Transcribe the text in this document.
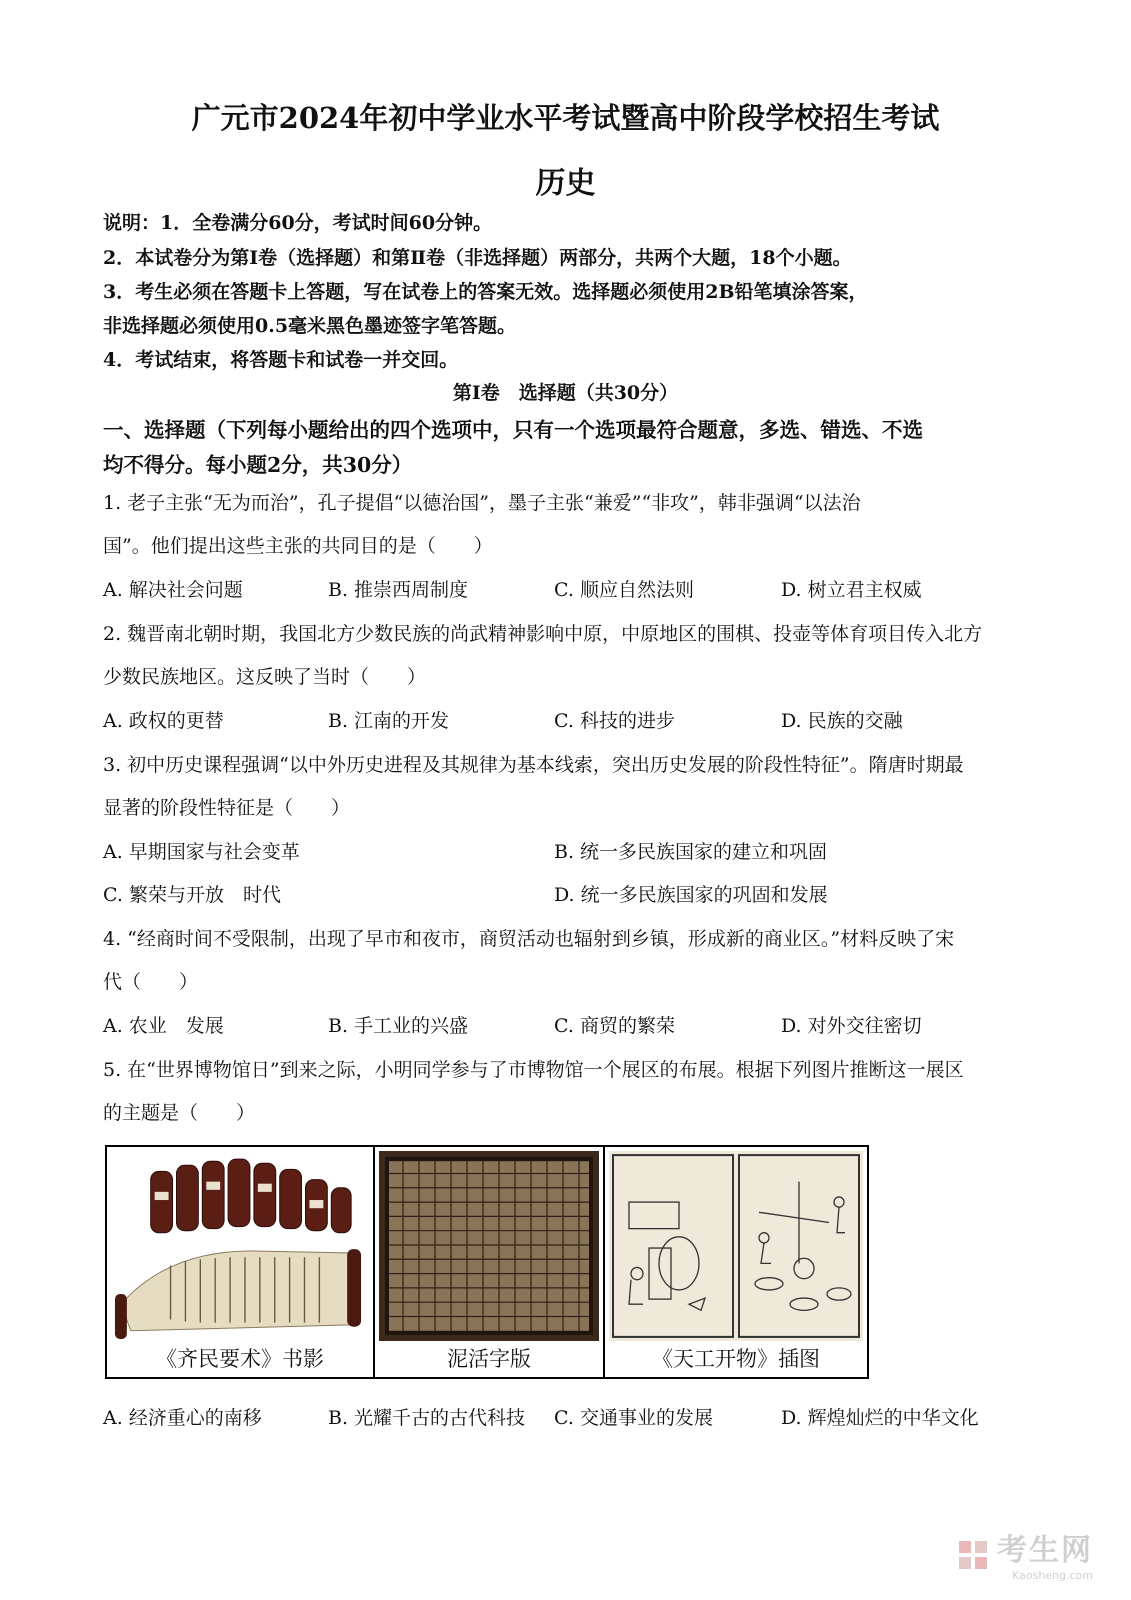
广元市2024年初中学业水平考试暨高中阶段学校招生考试
历史
说明：1．全卷满分60分，考试时间60分钟。
2．本试卷分为第Ⅰ卷（选择题）和第Ⅱ卷（非选择题）两部分，共两个大题，18个小题。
3．考生必须在答题卡上答题，写在试卷上的答案无效。选择题必须使用2B铅笔填涂答案，
非选择题必须使用0.5毫米黑色墨迹签字笔答题。
4．考试结束，将答题卡和试卷一并交回。
第Ⅰ卷　选择题（共30分）
一、选择题（下列每小题给出的四个选项中，只有一个选项最符合题意，多选、错选、不选
均不得分。每小题2分，共30分）
1. 老子主张“无为而治”，孔子提倡“以德治国”，墨子主张“兼爱”“非攻”，韩非强调“以法治
国”。他们提出这些主张的共同目的是（　　）
A. 解决社会问题	B. 推崇西周制度	C. 顺应自然法则	D. 树立君主权威
2. 魏晋南北朝时期，我国北方少数民族的尚武精神影响中原，中原地区的围棋、投壶等体育项目传入北方
少数民族地区。这反映了当时（　　）
A. 政权的更替	B. 江南的开发	C. 科技的进步	D. 民族的交融
3. 初中历史课程强调“以中外历史进程及其规律为基本线索，突出历史发展的阶段性特征”。隋唐时期最
显著的阶段性特征是（　　）
A. 早期国家与社会变革	B. 统一多民族国家的建立和巩固
C. 繁荣与开放　时代	D. 统一多民族国家的巩固和发展
4. “经商时间不受限制，出现了早市和夜市，商贸活动也辐射到乡镇，形成新的商业区。”材料反映了宋
代（　　）
A. 农业　发展	B. 手工业的兴盛	C. 商贸的繁荣	D. 对外交往密切
5. 在“世界博物馆日”到来之际，小明同学参与了市博物馆一个展区的布展。根据下列图片推断这一展区
的主题是（　　）
《齐民要术》书影	泥活字版	《天工开物》插图
A. 经济重心的南移	B. 光耀千古的古代科技 C. 交通事业的发展	D. 辉煌灿烂的中华文化
考生网
Kaosheng.com
